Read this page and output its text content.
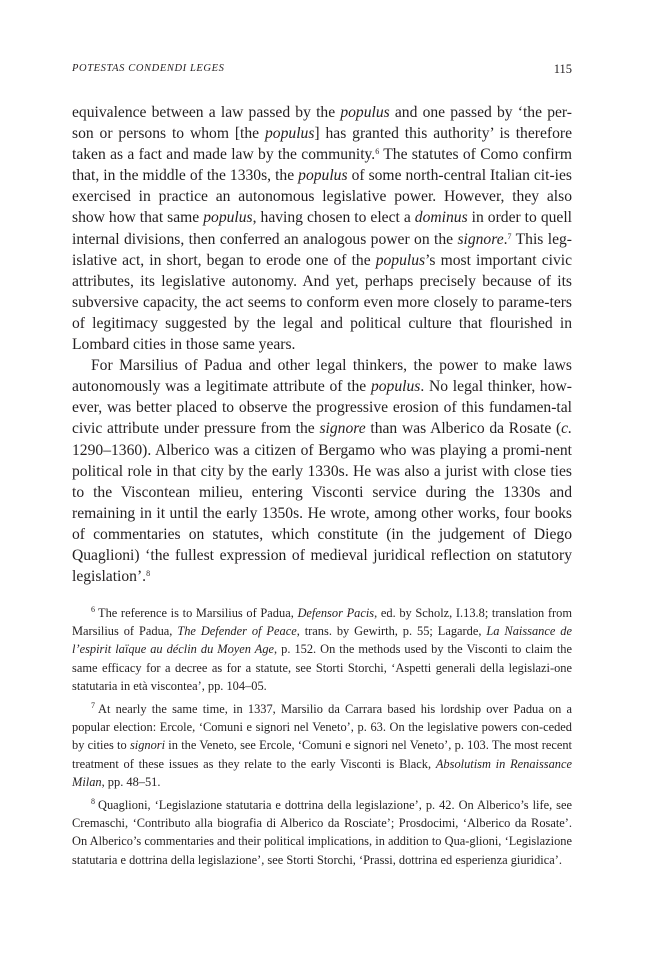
POTESTAS CONDENDI LEGES	115

equivalence between a law passed by the populus and one passed by ‘the per-son or persons to whom [the populus] has granted this authority’ is therefore taken as a fact and made law by the community.$^6$ The statutes of Como confirm that, in the middle of the 1330s, the populus of some north-central Italian cit-ies exercised in practice an autonomous legislative power. However, they also show how that same populus, having chosen to elect a dominus in order to quell internal divisions, then conferred an analogous power on the signore.$^7$ This leg-islative act, in short, began to erode one of the populus’s most important civic attributes, its legislative autonomy. And yet, perhaps precisely because of its subversive capacity, the act seems to conform even more closely to parame-ters of legitimacy suggested by the legal and political culture that flourished in Lombard cities in those same years.

For Marsilius of Padua and other legal thinkers, the power to make laws autonomously was a legitimate attribute of the populus. No legal thinker, how-ever, was better placed to observe the progressive erosion of this fundamen-tal civic attribute under pressure from the signore than was Alberico da Rosate (c. 1290–1360). Alberico was a citizen of Bergamo who was playing a promi-nent political role in that city by the early 1330s. He was also a jurist with close ties to the Viscontean milieu, entering Visconti service during the 1330s and remaining in it until the early 1350s. He wrote, among other works, four books of commentaries on statutes, which constitute (in the judgement of Diego Quaglioni) ‘the fullest expression of medieval juridical reflection on statutory legislation’.$^8$

$^6$ The reference is to Marsilius of Padua, Defensor Pacis, ed. by Scholz, I.13.8; translation from Marsilius of Padua, The Defender of Peace, trans. by Gewirth, p. 55; Lagarde, La Naissance de l’espirit laïque au déclin du Moyen Age, p. 152. On the methods used by the Visconti to claim the same efficacy for a decree as for a statute, see Storti Storchi, ‘Aspetti generali della legislazi-one statutaria in età viscontea’, pp. 104–05.

$^7$ At nearly the same time, in 1337, Marsilio da Carrara based his lordship over Padua on a popular election: Ercole, ‘Comuni e signori nel Veneto’, p. 63. On the legislative powers con-ceded by cities to signori in the Veneto, see Ercole, ‘Comuni e signori nel Veneto’, p. 103. The most recent treatment of these issues as they relate to the early Visconti is Black, Absolutism in Renaissance Milan, pp. 48–51.

$^8$ Quaglioni, ‘Legislazione statutaria e dottrina della legislazione’, p. 42. On Alberico’s life, see Cremaschi, ‘Contributo alla biografia di Alberico da Rosciate’; Prosdocimi, ‘Alberico da Rosate’. On Alberico’s commentaries and their political implications, in addition to Qua-glioni, ‘Legislazione statutaria e dottrina della legislazione’, see Storti Storchi, ‘Prassi, dottrina ed esperienza giuridica’.
